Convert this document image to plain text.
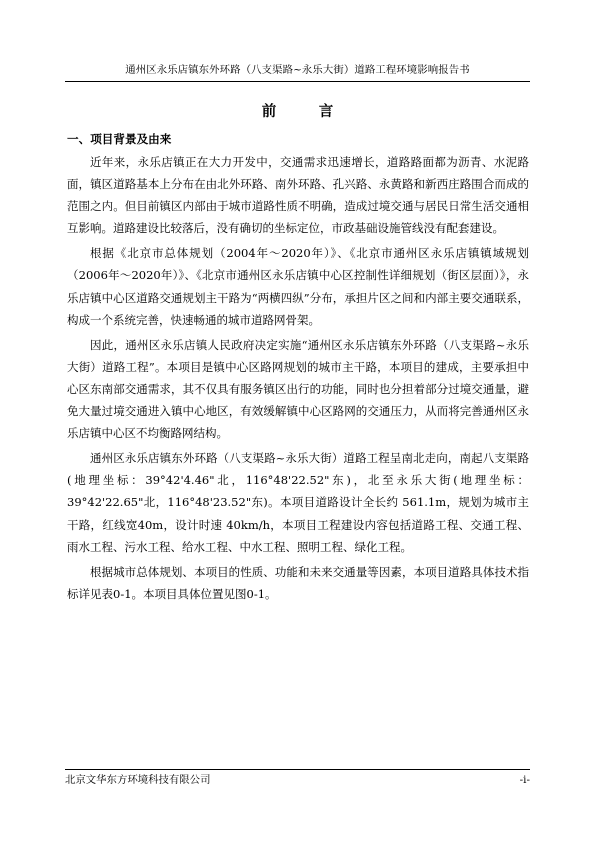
通州区永乐店镇东外环路（八支渠路~永乐大街）道路工程环境影响报告书
前　言
一、项目背景及由来

近年来，永乐店镇正在大力开发中，交通需求迅速增长，道路路面都为沥青、水泥路面，镇区道路基本上分布在由北外环路、南外环路、孔兴路、永黄路和新西庄路围合而成的范围之内。但目前镇区内部由于城市道路性质不明确，造成过境交通与居民日常生活交通相互影响。道路建设比较落后，没有确切的坐标定位，市政基础设施管线没有配套建设。

根据《北京市总体规划（2004年～2020年）》、《北京市通州区永乐店镇镇域规划（2006年～2020年）》、《北京市通州区永乐店镇中心区控制性详细规划（街区层面）》，永乐店镇中心区道路交通规划主干路为“两横四纵”分布，承担片区之间和内部主要交通联系，构成一个系统完善，快速畅通的城市道路网骨架。

因此，通州区永乐店镇人民政府决定实施“通州区永乐店镇东外环路（八支渠路~永乐大街）道路工程”。本项目是镇中心区路网规划的城市主干路，本项目的建成，主要承担中心区东南部交通需求，其不仅具有服务镇区出行的功能，同时也分担着部分过境交通量，避免大量过境交通进入镇中心地区，有效缓解镇中心区路网的交通压力，从而将完善通州区永乐店镇中心区不均衡路网结构。

通州区永乐店镇东外环路（八支渠路~永乐大街）道路工程呈南北走向，南起八支渠路(地理坐标：39°42'4.46"北，116°48'22.52"东)，北至永乐大街(地理坐标：39°42'22.65"北，116°48'23.52"东)。本项目道路设计全长约 561.1m，规划为城市主干路，红线宽40m，设计时速 40km/h，本项目工程建设内容包括道路工程、交通工程、雨水工程、污水工程、给水工程、中水工程、照明工程、绿化工程。

根据城市总体规划、本项目的性质、功能和未来交通量等因素，本项目道路具体技术指标详见表0-1。本项目具体位置见图0-1。

北京文华东方环境科技有限公司	-i-
